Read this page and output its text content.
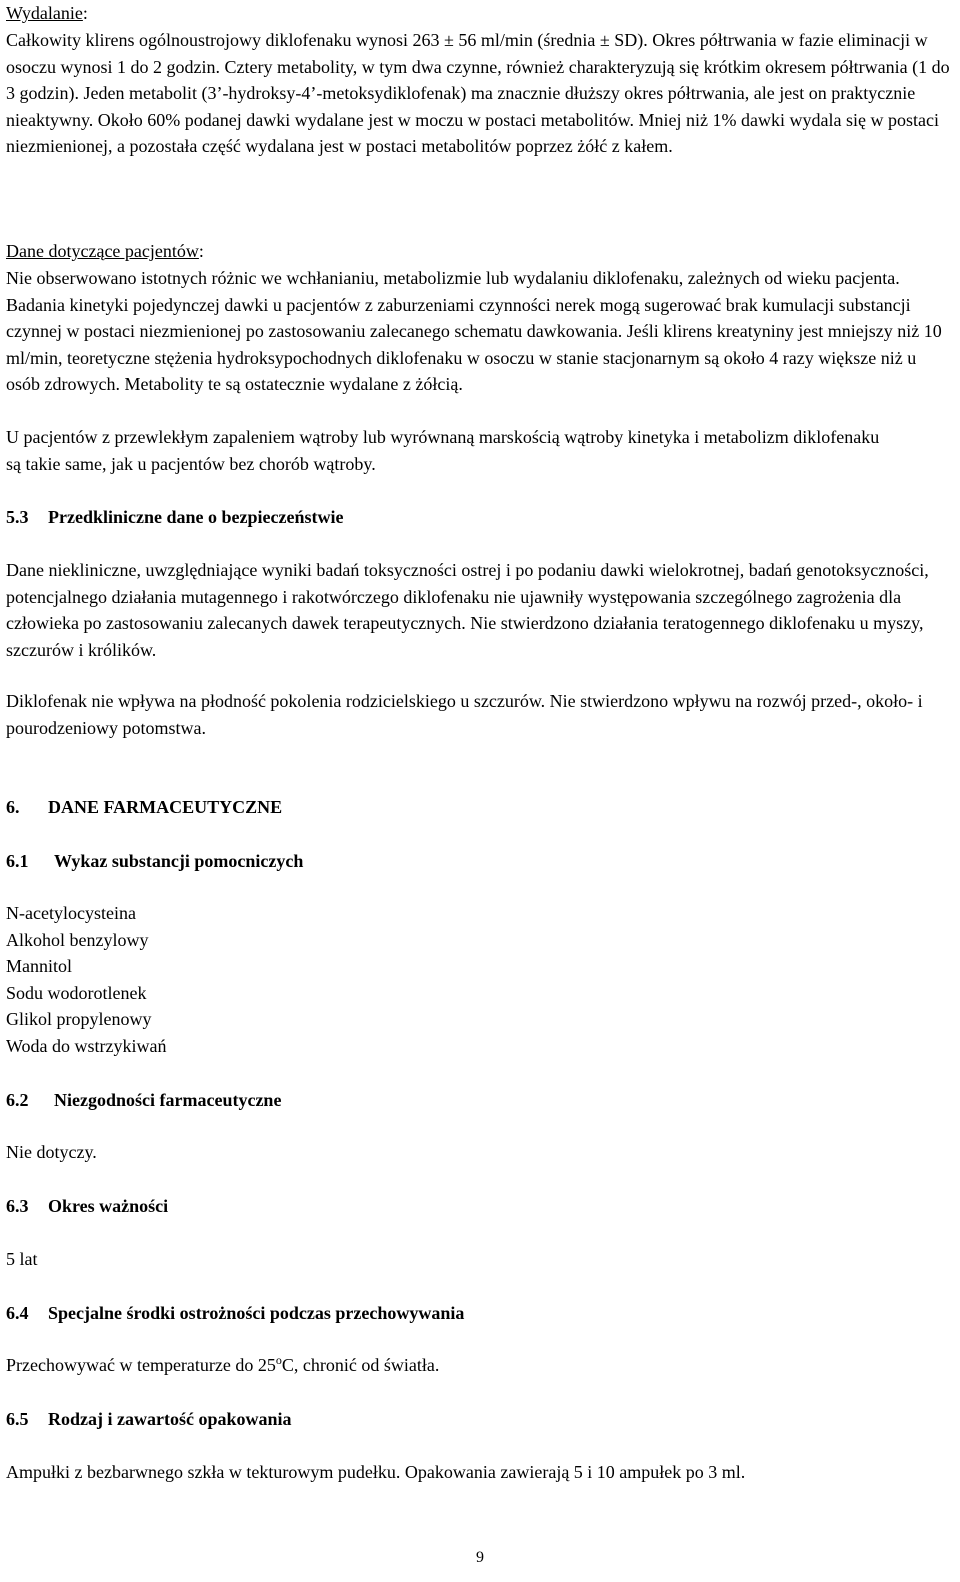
Wydalanie:

Całkowity klirens ogólnoustrojowy diklofenaku wynosi 263 ± 56 ml/min (średnia ± SD). Okres półtrwania w fazie eliminacji w osoczu wynosi 1 do 2 godzin. Cztery metabolity, w tym dwa czynne, również charakteryzują się krótkim okresem półtrwania (1 do 3 godzin). Jeden metabolit (3’-hydroksy-4’-metoksydiklofenak) ma znacznie dłuższy okres półtrwania, ale jest on praktycznie nieaktywny. Około 60% podanej dawki wydalane jest w moczu w postaci metabolitów. Mniej niż 1% dawki wydala się w postaci niezmienionej, a pozostała część wydalana jest w postaci metabolitów poprzez żółć z kałem.

Dane dotyczące pacjentów:

Nie obserwowano istotnych różnic we wchłanianiu, metabolizmie lub wydalaniu diklofenaku, zależnych od wieku pacjenta. Badania kinetyki pojedynczej dawki u pacjentów z zaburzeniami czynności nerek mogą sugerować brak kumulacji substancji czynnej w postaci niezmienionej po zastosowaniu zalecanego schematu dawkowania. Jeśli klirens kreatyniny jest mniejszy niż 10 ml/min, teoretyczne stężenia hydroksypochodnych diklofenaku w osoczu w stanie stacjonarnym są około 4 razy większe niż u osób zdrowych. Metabolity te są ostatecznie wydalane z żółcią.

U pacjentów z przewlekłym zapaleniem wątroby lub wyrównaną marskością wątroby kinetyka i metabolizm diklofenaku są takie same, jak u pacjentów bez chorób wątroby.

5.3 Przedkliniczne dane o bezpieczeństwie

Dane niekliniczne, uwzględniające wyniki badań toksyczności ostrej i po podaniu dawki wielokrotnej, badań genotoksyczności, potencjalnego działania mutagennego i rakotwórczego diklofenaku nie ujawniły występowania szczególnego zagrożenia dla człowieka po zastosowaniu zalecanych dawek terapeutycznych. Nie stwierdzono działania teratogennego diklofenaku u myszy, szczurów i królików.

Diklofenak nie wpływa na płodność pokolenia rodzicielskiego u szczurów. Nie stwierdzono wpływu na rozwój przed-, około- i pourodzeniowy potomstwa.

6. DANE FARMACEUTYCZNE

6.1 Wykaz substancji pomocniczych

N-acetylocysteina

Alkohol benzylowy

Mannitol

Sodu wodorotlenek

Glikol propylenowy

Woda do wstrzykiwań

6.2 Niezgodności farmaceutyczne

Nie dotyczy.

6.3 Okres ważności

5 lat

6.4 Specjalne środki ostrożności podczas przechowywania

Przechowywać w temperaturze do 25$^o$C, chronić od światła.

6.5 Rodzaj i zawartość opakowania

Ampułki z bezbarwnego szkła w tekturowym pudełku. Opakowania zawierają 5 i 10 ampułek po 3 ml.

9
